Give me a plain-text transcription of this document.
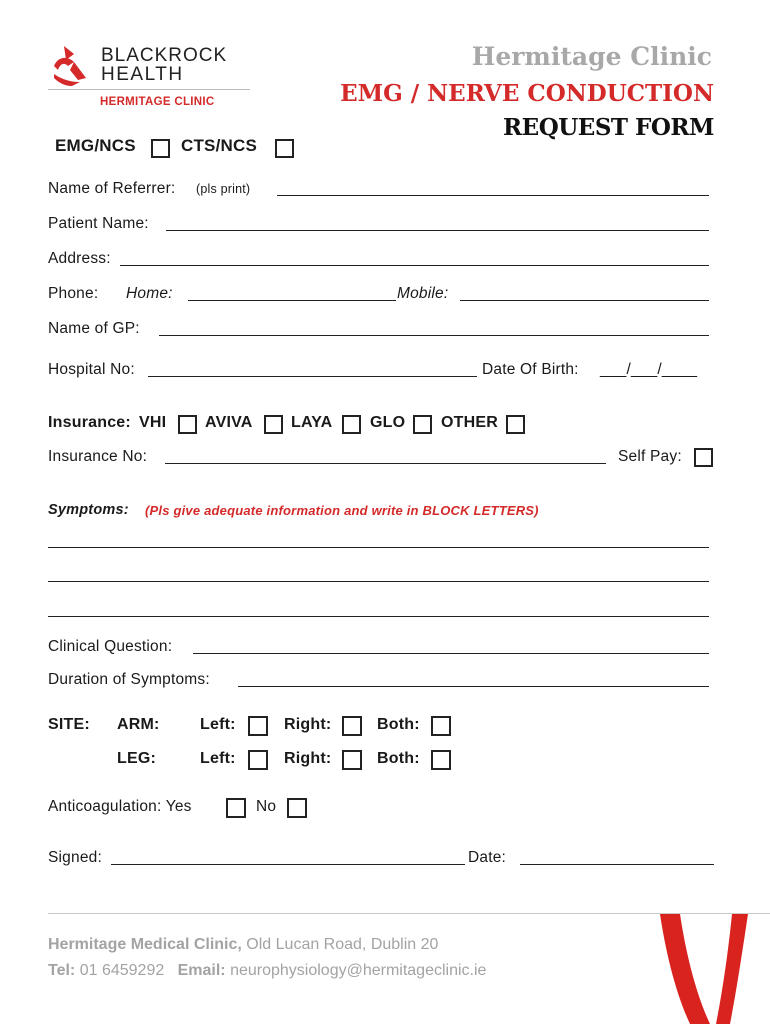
BLACKROCK
HEALTH
HERMITAGE CLINIC
Hermitage Clinic
EMG / NERVE CONDUCTION
REQUEST FORM
EMG/NCS	CTS/NCS
Name of Referrer: (pls print)
Patient Name:
Address:
Phone: Home:	Mobile:
Name of GP:
Hospital No:	Date Of Birth: ___/___/____
Insurance: VHI AVIVA LAYA GLO OTHER
Insurance No:	Self Pay:
Symptoms: (Pls give adequate information and write in BLOCK LETTERS)
Clinical Question:
Duration of Symptoms:
SITE: ARM:	Left:	Right:	Both:
LEG:	Left:	Right:	Both:
Anticoagulation: Yes	No
Signed:	Date:
Hermitage Medical Clinic, Old Lucan Road, Dublin 20
Tel: 01 6459292 Email: neurophysiology@hermitageclinic.ie
